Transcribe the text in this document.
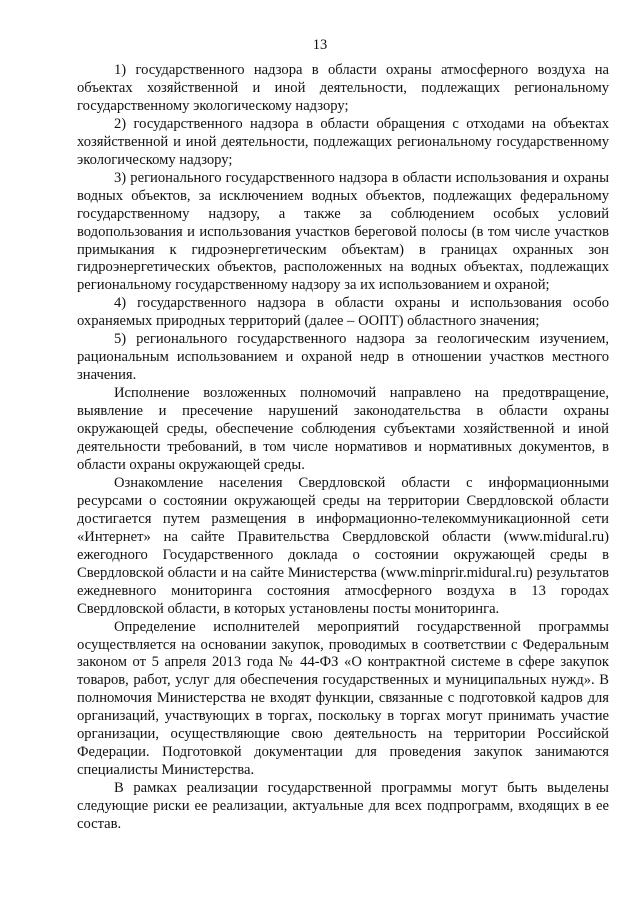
13

1) государственного надзора в области охраны атмосферного воздуха на объектах хозяйственной и иной деятельности, подлежащих региональному государственному экологическому надзору;

2) государственного надзора в области обращения с отходами на объектах хозяйственной и иной деятельности, подлежащих региональному государственному экологическому надзору;

3) регионального государственного надзора в области использования и охраны водных объектов, за исключением водных объектов, подлежащих федеральному государственному надзору, а также за соблюдением особых условий водопользования и использования участков береговой полосы (в том числе участков примыкания к гидроэнергетическим объектам) в границах охранных зон гидроэнергетических объектов, расположенных на водных объектах, подлежащих региональному государственному надзору за их использованием и охраной;

4) государственного надзора в области охраны и использования особо охраняемых природных территорий (далее – ООПТ) областного значения;

5) регионального государственного надзора за геологическим изучением, рациональным использованием и охраной недр в отношении участков местного значения.

Исполнение возложенных полномочий направлено на предотвращение, выявление и пресечение нарушений законодательства в области охраны окружающей среды, обеспечение соблюдения субъектами хозяйственной и иной деятельности требований, в том числе нормативов и нормативных документов, в области охраны окружающей среды.

Ознакомление населения Свердловской области с информационными ресурсами о состоянии окружающей среды на территории Свердловской области достигается путем размещения в информационно-телекоммуникационной сети «Интернет» на сайте Правительства Свердловской области (www.midural.ru) ежегодного Государственного доклада о состоянии окружающей среды в Свердловской области и на сайте Министерства (www.minprir.midural.ru) результатов ежедневного мониторинга состояния атмосферного воздуха в 13 городах Свердловской области, в которых установлены посты мониторинга.

Определение исполнителей мероприятий государственной программы осуществляется на основании закупок, проводимых в соответствии с Федеральным законом от 5 апреля 2013 года № 44-ФЗ «О контрактной системе в сфере закупок товаров, работ, услуг для обеспечения государственных и муниципальных нужд». В полномочия Министерства не входят функции, связанные с подготовкой кадров для организаций, участвующих в торгах, поскольку в торгах могут принимать участие организации, осуществляющие свою деятельность на территории Российской Федерации. Подготовкой документации для проведения закупок занимаются специалисты Министерства.

В рамках реализации государственной программы могут быть выделены следующие риски ее реализации, актуальные для всех подпрограмм, входящих в ее состав.
